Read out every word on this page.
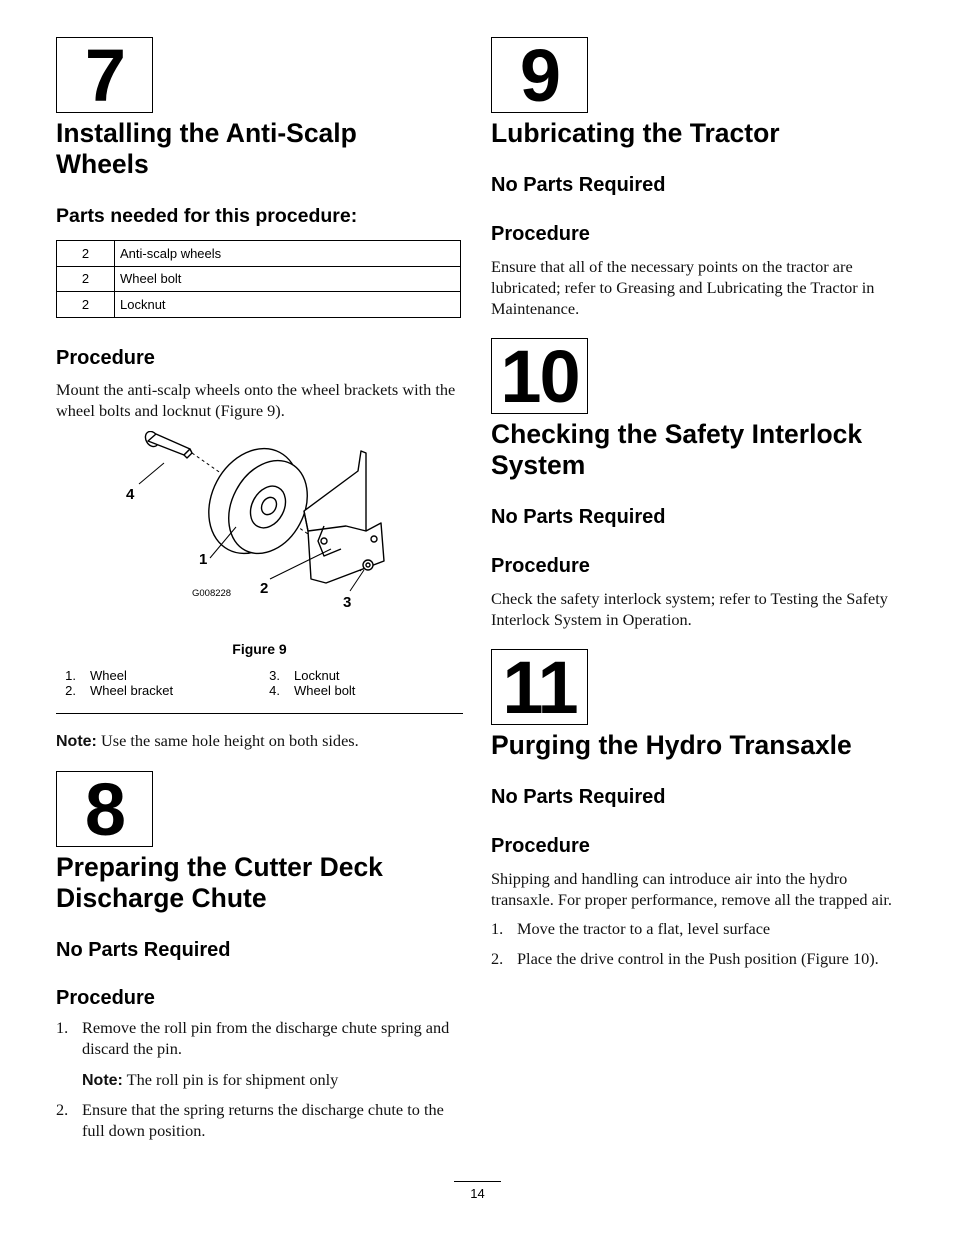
7
Installing the Anti-Scalp
Wheels
Parts needed for this procedure:
2	Anti-scalp wheels
2	Wheel bolt
2	Locknut
Procedure
Mount the anti-scalp wheels onto the wheel brackets with the wheel bolts and locknut (Figure 9).
4
1
2
3
G008228
Figure 9
1. Wheel
2. Wheel bracket
3. Locknut
4. Wheel bolt
Note: Use the same hole height on both sides.
8
Preparing the Cutter Deck
Discharge Chute
No Parts Required
Procedure
1. Remove the roll pin from the discharge chute spring and discard the pin.
Note: The roll pin is for shipment only
2. Ensure that the spring returns the discharge chute to the full down position.
9
Lubricating the Tractor
No Parts Required
Procedure
Ensure that all of the necessary points on the tractor are lubricated; refer to Greasing and Lubricating the Tractor in Maintenance.
10
Checking the Safety Interlock
System
No Parts Required
Procedure
Check the safety interlock system; refer to Testing the Safety Interlock System in Operation.
11
Purging the Hydro Transaxle
No Parts Required
Procedure
Shipping and handling can introduce air into the hydro transaxle. For proper performance, remove all the trapped air.
1. Move the tractor to a flat, level surface
2. Place the drive control in the Push position (Figure 10).
14
